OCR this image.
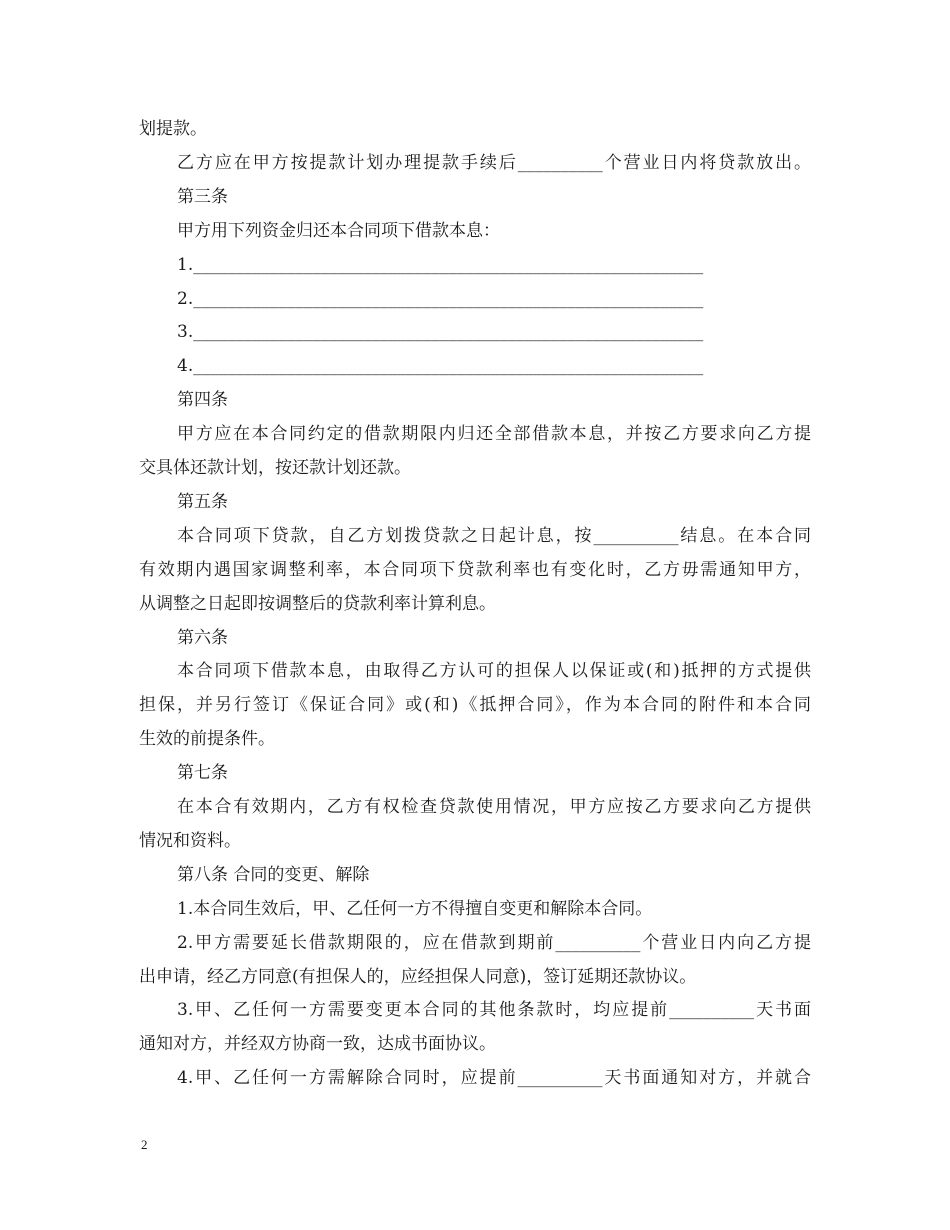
划提款。
乙方应在甲方按提款计划办理提款手续后__________个营业日内将贷款放出。
第三条
甲方用下列资金归还本合同项下借款本息：
1.____________________________________________________________
2.____________________________________________________________
3.____________________________________________________________
4.____________________________________________________________
第四条
甲方应在本合同约定的借款期限内归还全部借款本息，并按乙方要求向乙方提
交具体还款计划，按还款计划还款。
第五条
本合同项下贷款，自乙方划拨贷款之日起计息，按__________结息。在本合同
有效期内遇国家调整利率，本合同项下贷款利率也有变化时，乙方毋需通知甲方，
从调整之日起即按调整后的贷款利率计算利息。
第六条
本合同项下借款本息，由取得乙方认可的担保人以保证或(和)抵押的方式提供
担保，并另行签订《保证合同》或(和)《抵押合同》，作为本合同的附件和本合同
生效的前提条件。
第七条
在本合有效期内，乙方有权检查贷款使用情况，甲方应按乙方要求向乙方提供
情况和资料。
第八条 合同的变更、解除
1.本合同生效后，甲、乙任何一方不得擅自变更和解除本合同。
2.甲方需要延长借款期限的，应在借款到期前__________个营业日内向乙方提
出申请，经乙方同意(有担保人的，应经担保人同意)，签订延期还款协议。
3.甲、乙任何一方需要变更本合同的其他条款时，均应提前__________天书面
通知对方，并经双方协商一致，达成书面协议。
4.甲、乙任何一方需解除合同时，应提前__________天书面通知对方，并就合
2
